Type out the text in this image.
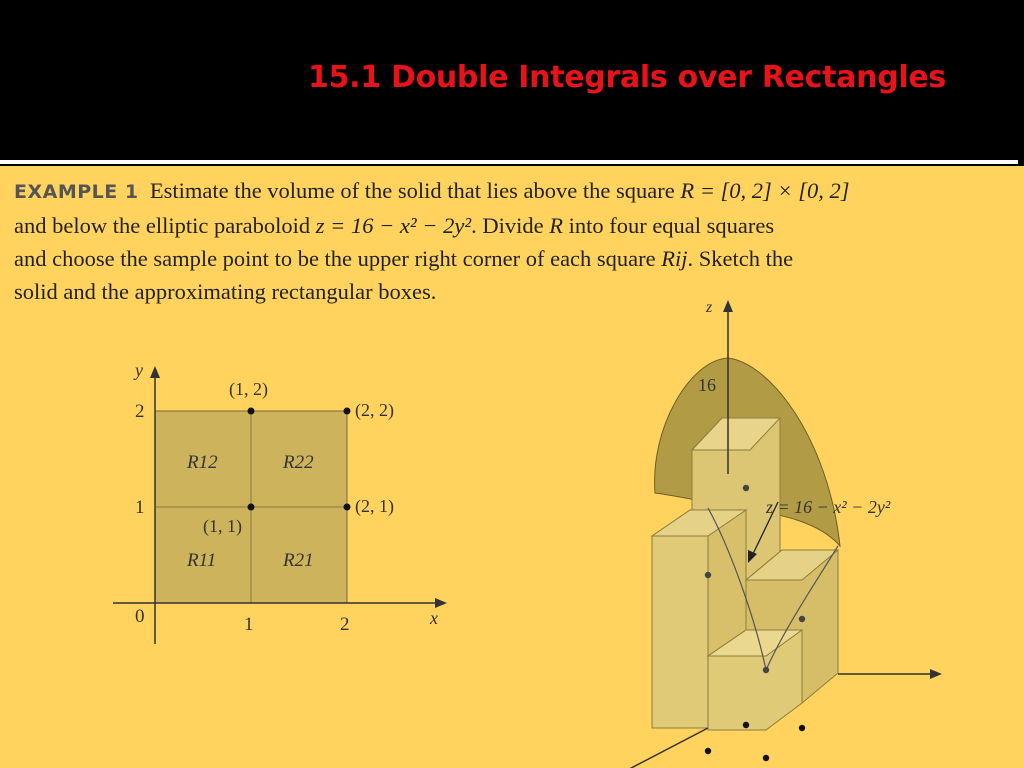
15.1 Double Integrals over Rectangles
EXAMPLE 1 Estimate the volume of the solid that lies above the square R = [0, 2] × [0, 2]
and below the elliptic paraboloid z = 16 − x² − 2y². Divide R into four equal squares
and choose the sample point to be the upper right corner of each square Rij. Sketch the
solid and the approximating rectangular boxes.
x
y
0	1	2
1
2
R11
R12
R21
R22
(1, 2)
(2, 2)
(1, 1)
(2, 1)
z
16
z = 16 − x² − 2y²
